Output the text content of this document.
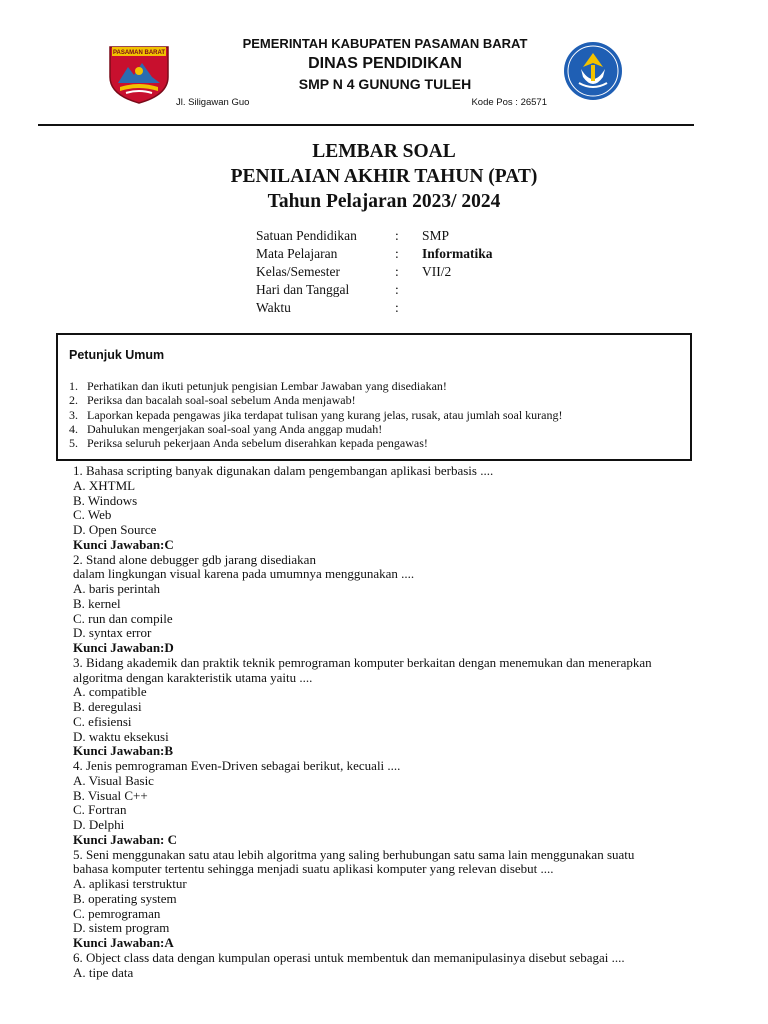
PASAMAN BARAT
PEMERINTAH KABUPATEN PASAMAN BARAT
DINAS PENDIDIKAN
SMP N 4 GUNUNG TULEH
Jl. Siligawan Guo	Kode Pos : 26571
LEMBAR SOAL
PENILAIAN AKHIR TAHUN (PAT)
Tahun Pelajaran 2023/ 2024
Satuan Pendidikan	:	SMP
Mata Pelajaran	:	Informatika
Kelas/Semester	:	VII/2
Hari dan Tanggal	:
Waktu	:
Petunjuk Umum
1. Perhatikan dan ikuti petunjuk pengisian Lembar Jawaban yang disediakan!
2. Periksa dan bacalah soal-soal sebelum Anda menjawab!
3. Laporkan kepada pengawas jika terdapat tulisan yang kurang jelas, rusak, atau jumlah soal kurang!
4. Dahulukan mengerjakan soal-soal yang Anda anggap mudah!
5. Periksa seluruh pekerjaan Anda sebelum diserahkan kepada pengawas!
1. Bahasa scripting banyak digunakan dalam pengembangan aplikasi berbasis ....
A. XHTML
B. Windows
C. Web
D. Open Source
Kunci Jawaban:C
2. Stand alone debugger gdb jarang disediakan
dalam lingkungan visual karena pada umumnya menggunakan ....
A. baris perintah
B. kernel
C. run dan compile
D. syntax error
Kunci Jawaban:D
3. Bidang akademik dan praktik teknik pemrograman komputer berkaitan dengan menemukan dan menerapkan
algoritma dengan karakteristik utama yaitu ....
A. compatible
B. deregulasi
C. efisiensi
D. waktu eksekusi
Kunci Jawaban:B
4. Jenis pemrograman Even-Driven sebagai berikut, kecuali ....
A. Visual Basic
B. Visual C++
C. Fortran
D. Delphi
Kunci Jawaban: C
5. Seni menggunakan satu atau lebih algoritma yang saling berhubungan satu sama lain menggunakan suatu
bahasa komputer tertentu sehingga menjadi suatu aplikasi komputer yang relevan disebut ....
A. aplikasi terstruktur
B. operating system
C. pemrograman
D. sistem program
Kunci Jawaban:A
6. Object class data dengan kumpulan operasi untuk membentuk dan memanipulasinya disebut sebagai ....
A. tipe data
